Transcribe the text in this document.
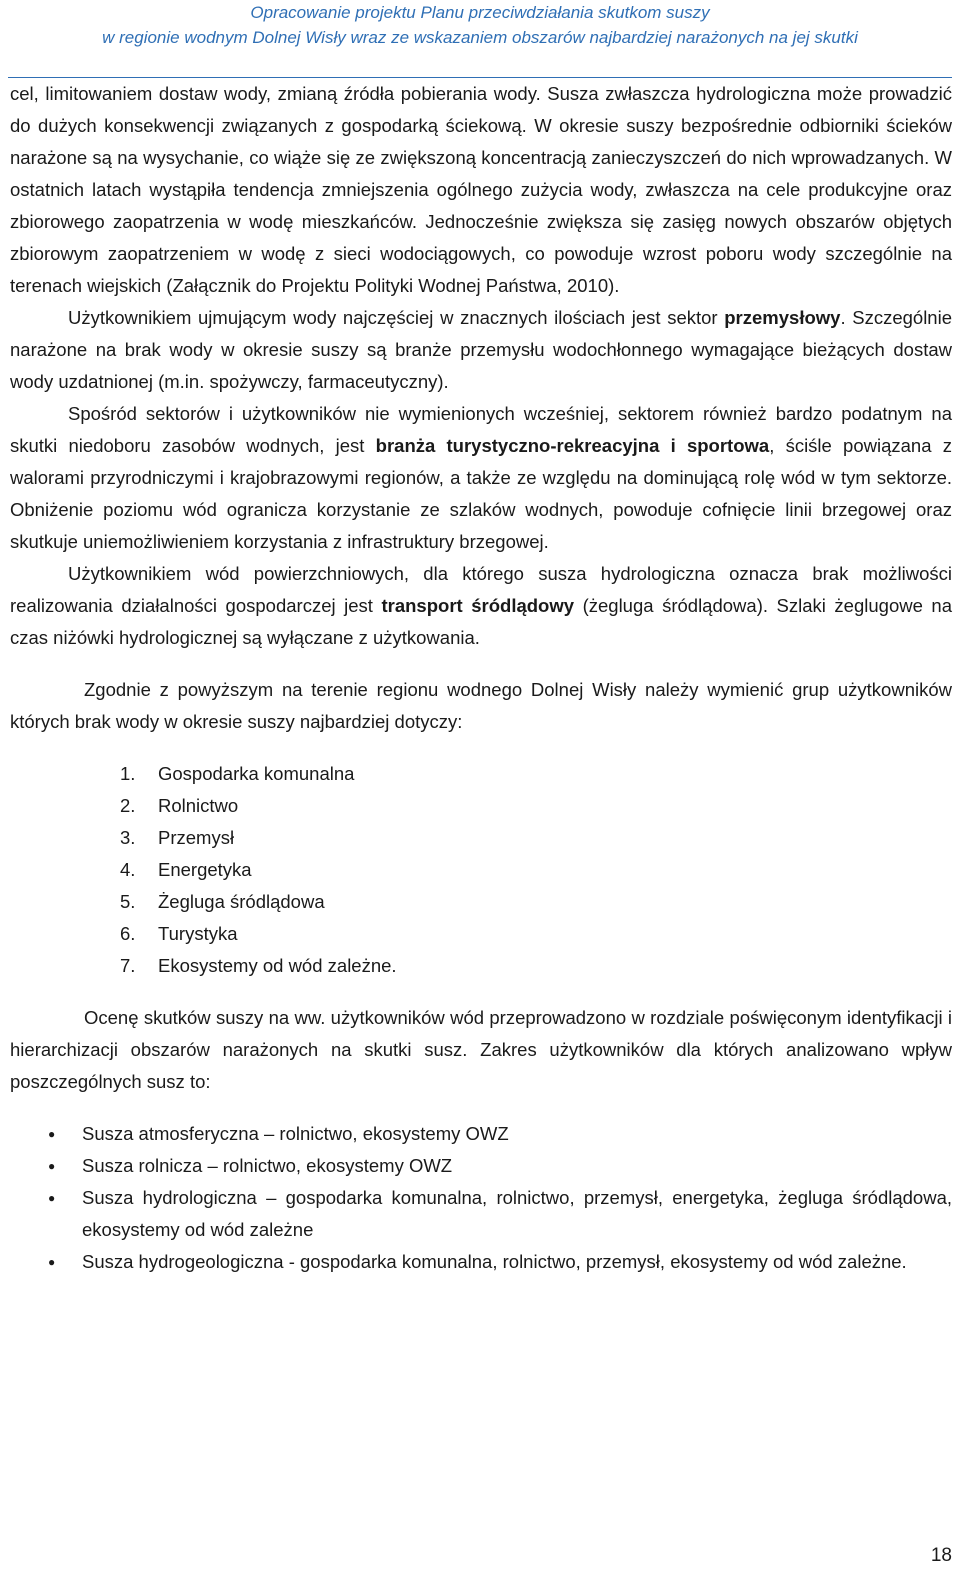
Opracowanie projektu Planu przeciwdziałania skutkom suszy
w regionie wodnym Dolnej Wisły wraz ze wskazaniem obszarów najbardziej narażonych na jej skutki

cel, limitowaniem dostaw wody, zmianą źródła pobierania wody. Susza zwłaszcza hydrologiczna może prowadzić do dużych konsekwencji związanych z gospodarką ściekową. W okresie suszy bezpośrednie odbiorniki ścieków narażone są na wysychanie, co wiąże się ze zwiększoną koncentracją zanieczyszczeń do nich wprowadzanych. W ostatnich latach wystąpiła tendencja zmniejszenia ogólnego zużycia wody, zwłaszcza na cele produkcyjne oraz zbiorowego zaopatrzenia w wodę mieszkańców. Jednocześnie zwiększa się zasięg nowych obszarów objętych zbiorowym zaopatrzeniem w wodę z sieci wodociągowych, co powoduje wzrost poboru wody szczególnie na terenach wiejskich (Załącznik do Projektu Polityki Wodnej Państwa, 2010).

Użytkownikiem ujmującym wody najczęściej w znacznych ilościach jest sektor przemysłowy. Szczególnie narażone na brak wody w okresie suszy są branże przemysłu wodochłonnego wymagające bieżących dostaw wody uzdatnionej (m.in. spożywczy, farmaceutyczny).

Spośród sektorów i użytkowników nie wymienionych wcześniej, sektorem również bardzo podatnym na skutki niedoboru zasobów wodnych, jest branża turystyczno-rekreacyjna i sportowa, ściśle powiązana z walorami przyrodniczymi i krajobrazowymi regionów, a także ze względu na dominującą rolę wód w tym sektorze. Obniżenie poziomu wód ogranicza korzystanie ze szlaków wodnych, powoduje cofnięcie linii brzegowej oraz skutkuje uniemożliwieniem korzystania z infrastruktury brzegowej.

Użytkownikiem wód powierzchniowych, dla którego susza hydrologiczna oznacza brak możliwości realizowania działalności gospodarczej jest transport śródlądowy (żegluga śródlądowa). Szlaki żeglugowe na czas niżówki hydrologicznej są wyłączane z użytkowania.

Zgodnie z powyższym na terenie regionu wodnego Dolnej Wisły należy wymienić grup użytkowników których brak wody w okresie suszy najbardziej dotyczy:

1.	Gospodarka komunalna
2.	Rolnictwo
3.	Przemysł
4.	Energetyka
5.	Żegluga śródlądowa
6.	Turystyka
7.	Ekosystemy od wód zależne.

Ocenę skutków suszy na ww. użytkowników wód przeprowadzono w rozdziale poświęconym identyfikacji i hierarchizacji obszarów narażonych na skutki susz. Zakres użytkowników dla których analizowano wpływ poszczególnych susz to:

●	Susza atmosferyczna – rolnictwo, ekosystemy OWZ
●	Susza rolnicza – rolnictwo, ekosystemy OWZ
●	Susza hydrologiczna – gospodarka komunalna, rolnictwo, przemysł, energetyka, żegluga śródlądowa, ekosystemy od wód zależne
●	Susza hydrogeologiczna - gospodarka komunalna, rolnictwo, przemysł, ekosystemy od wód zależne.
18
